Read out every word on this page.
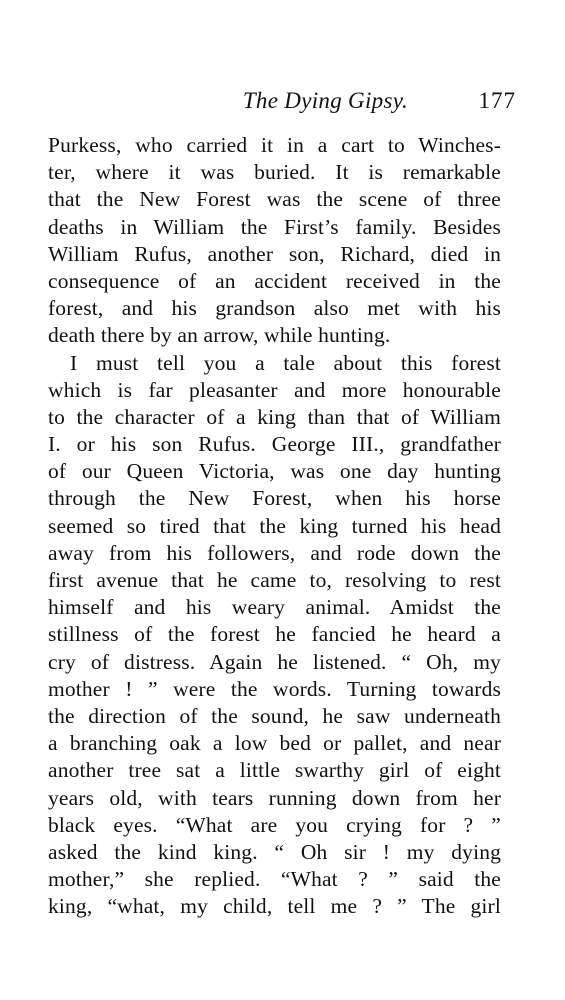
The Dying Gipsy.	177
Purkess, who carried it in a cart to Winches-
ter, where it was buried. It is remarkable
that the New Forest was the scene of three
deaths in William the First’s family. Besides
William Rufus, another son, Richard, died in
consequence of an accident received in the
forest, and his grandson also met with his
death there by an arrow, while hunting.
I must tell you a tale about this forest
which is far pleasanter and more honourable
to the character of a king than that of William
I. or his son Rufus. George III., grandfather
of our Queen Victoria, was one day hunting
through the New Forest, when his horse
seemed so tired that the king turned his head
away from his followers, and rode down the
first avenue that he came to, resolving to rest
himself and his weary animal. Amidst the
stillness of the forest he fancied he heard a
cry of distress. Again he listened. “ Oh, my
mother ! ” were the words. Turning towards
the direction of the sound, he saw underneath
a branching oak a low bed or pallet, and near
another tree sat a little swarthy girl of eight
years old, with tears running down from her
black eyes. “What are you crying for ? ”
asked the kind king. “ Oh sir ! my dying
mother,” she replied. “What ? ” said the
king, “what, my child, tell me ? ” The girl
